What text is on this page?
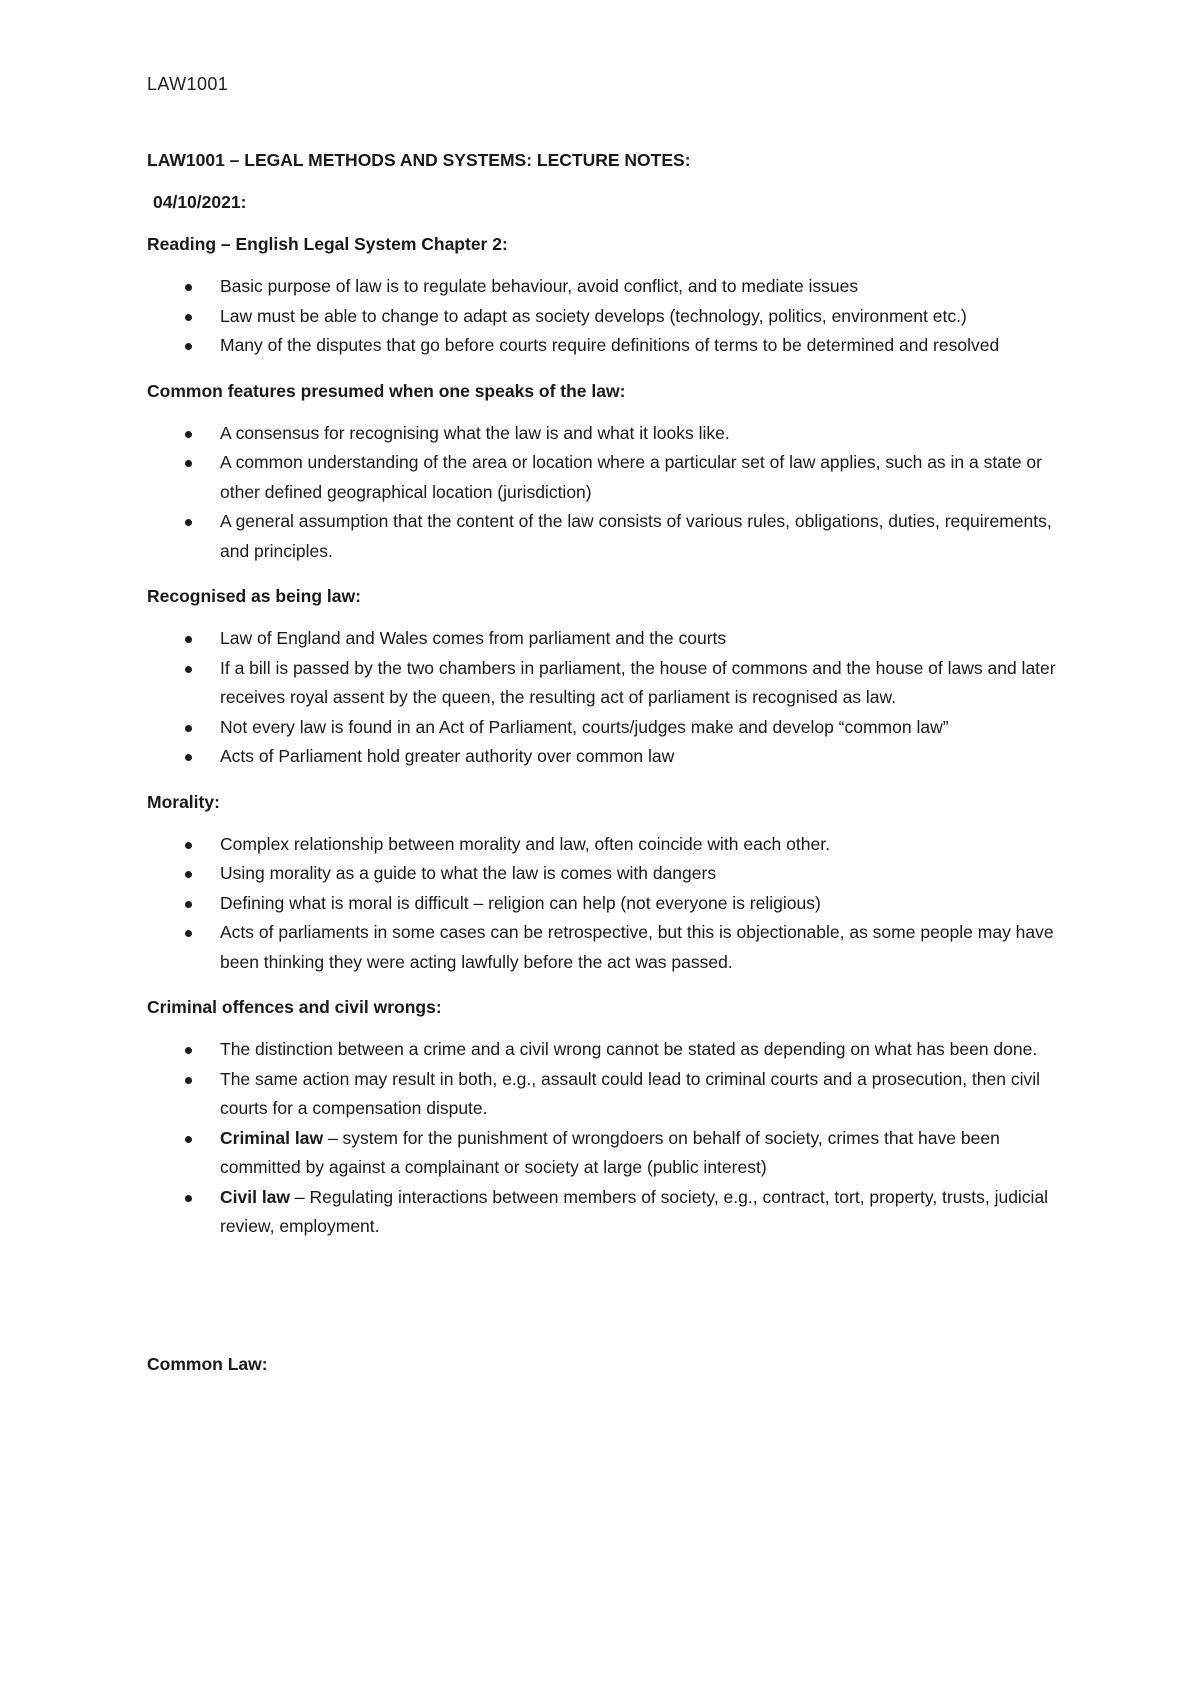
LAW1001
LAW1001 – LEGAL METHODS AND SYSTEMS: LECTURE NOTES:
04/10/2021:
Reading – English Legal System Chapter 2:
Basic purpose of law is to regulate behaviour, avoid conflict, and to mediate issues
Law must be able to change to adapt as society develops (technology, politics, environment etc.)
Many of the disputes that go before courts require definitions of terms to be determined and resolved
Common features presumed when one speaks of the law:
A consensus for recognising what the law is and what it looks like.
A common understanding of the area or location where a particular set of law applies, such as in a state or other defined geographical location (jurisdiction)
A general assumption that the content of the law consists of various rules, obligations, duties, requirements, and principles.
Recognised as being law:
Law of England and Wales comes from parliament and the courts
If a bill is passed by the two chambers in parliament, the house of commons and the house of laws and later receives royal assent by the queen, the resulting act of parliament is recognised as law.
Not every law is found in an Act of Parliament, courts/judges make and develop “common law”
Acts of Parliament hold greater authority over common law
Morality:
Complex relationship between morality and law, often coincide with each other.
Using morality as a guide to what the law is comes with dangers
Defining what is moral is difficult – religion can help (not everyone is religious)
Acts of parliaments in some cases can be retrospective, but this is objectionable, as some people may have been thinking they were acting lawfully before the act was passed.
Criminal offences and civil wrongs:
The distinction between a crime and a civil wrong cannot be stated as depending on what has been done.
The same action may result in both, e.g., assault could lead to criminal courts and a prosecution, then civil courts for a compensation dispute.
Criminal law – system for the punishment of wrongdoers on behalf of society, crimes that have been committed by against a complainant or society at large (public interest)
Civil law – Regulating interactions between members of society, e.g., contract, tort, property, trusts, judicial review, employment.
Common Law:
